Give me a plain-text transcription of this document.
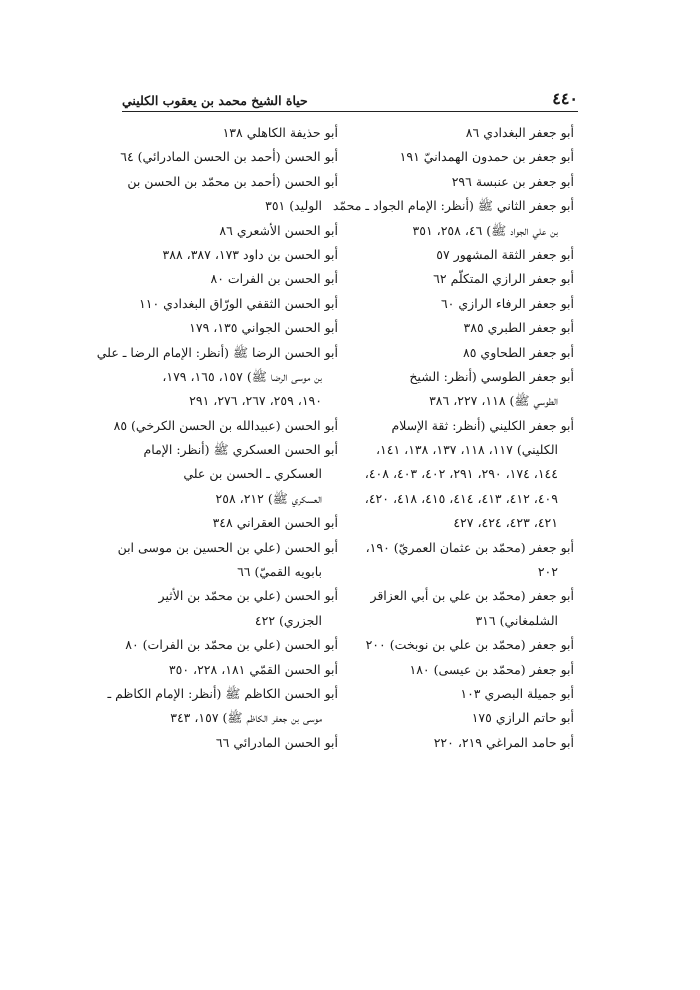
٤٤٠
حياة الشيخ محمد بن يعقوب الكليني
أبو جعفر البغدادي ٨٦
أبو جعفر بن حمدون الهمدانيّ ١٩١
أبو جعفر بن عنبسة ٢٩٦
أبو جعفر الثاني ﷺ (أنظر: الإمام الجواد ـ محمّد
بن علي الجواد ﷺ) ٤٦، ٢٥٨، ٣٥١
أبو جعفر الثقة المشهور ٥٧
أبو جعفر الرازي المتكلّم ٦٢
أبو جعفر الرفاء الرازي ٦٠
أبو جعفر الطبري ٣٨٥
أبو جعفر الطحاوي ٨٥
أبو جعفر الطوسي (أنظر: الشيخ
الطوسي ﷺ) ١١٨، ٢٢٧، ٣٨٦
أبو جعفر الكليني (أنظر: ثقة الإسلام
الكليني) ١١٧، ١١٨، ١٣٧، ١٣٨، ١٤١،
١٤٤، ١٧٤، ٢٩٠، ٢٩١، ٤٠٢، ٤٠٣، ٤٠٨،
٤٠٩، ٤١٢، ٤١٣، ٤١٤، ٤١٥، ٤١٨، ٤٢٠،
٤٢١، ٤٢٣، ٤٢٤، ٤٢٧
أبو جعفر (محمّد بن عثمان العمريّ) ١٩٠،
٢٠٢
أبو جعفر (محمّد بن علي بن أبي العزاقر
الشلمغاني) ٣١٦
أبو جعفر (محمّد بن علي بن نوبخت) ٢٠٠
أبو جعفر (محمّد بن عيسى) ١٨٠
أبو جميلة البصري ١٠٣
أبو حاتم الرازي ١٧٥
أبو حامد المراغي ٢١٩، ٢٢٠
أبو حذيفة الكاهلي ١٣٨
أبو الحسن (أحمد بن الحسن المادرائي) ٦٤
أبو الحسن (أحمد بن محمّد بن الحسن بن
الوليد) ٣٥١
أبو الحسن الأشعري ٨٦
أبو الحسن بن داود ١٧٣، ٣٨٧، ٣٨٨
أبو الحسن بن الفرات ٨٠
أبو الحسن الثقفي الورّاق البغدادي ١١٠
أبو الحسن الجواني ١٣٥، ١٧٩
أبو الحسن الرضا ﷺ (أنظر: الإمام الرضا ـ علي
بن موسى الرضا ﷺ) ١٥٧، ١٦٥، ١٧٩،
١٩٠، ٢٥٩، ٢٦٧، ٢٧٦، ٢٩١
أبو الحسن (عبيدالله بن الحسن الكرخي) ٨٥
أبو الحسن العسكري ﷺ (أنظر: الإمام
العسكري ـ الحسن بن علي
العسكري ﷺ) ٢١٢، ٢٥٨
أبو الحسن العقراني ٣٤٨
أبو الحسن (علي بن الحسين بن موسى ابن
بابويه القميّ) ٦٦
أبو الحسن (علي بن محمّد بن الأثير
الجزري) ٤٢٢
أبو الحسن (علي بن محمّد بن الفرات) ٨٠
أبو الحسن القمّي ١٨١، ٢٢٨، ٣٥٠
أبو الحسن الكاظم ﷺ (أنظر: الإمام الكاظم ـ
موسى بن جعفر الكاظم ﷺ) ١٥٧، ٣٤٣
أبو الحسن المادرائي ٦٦
